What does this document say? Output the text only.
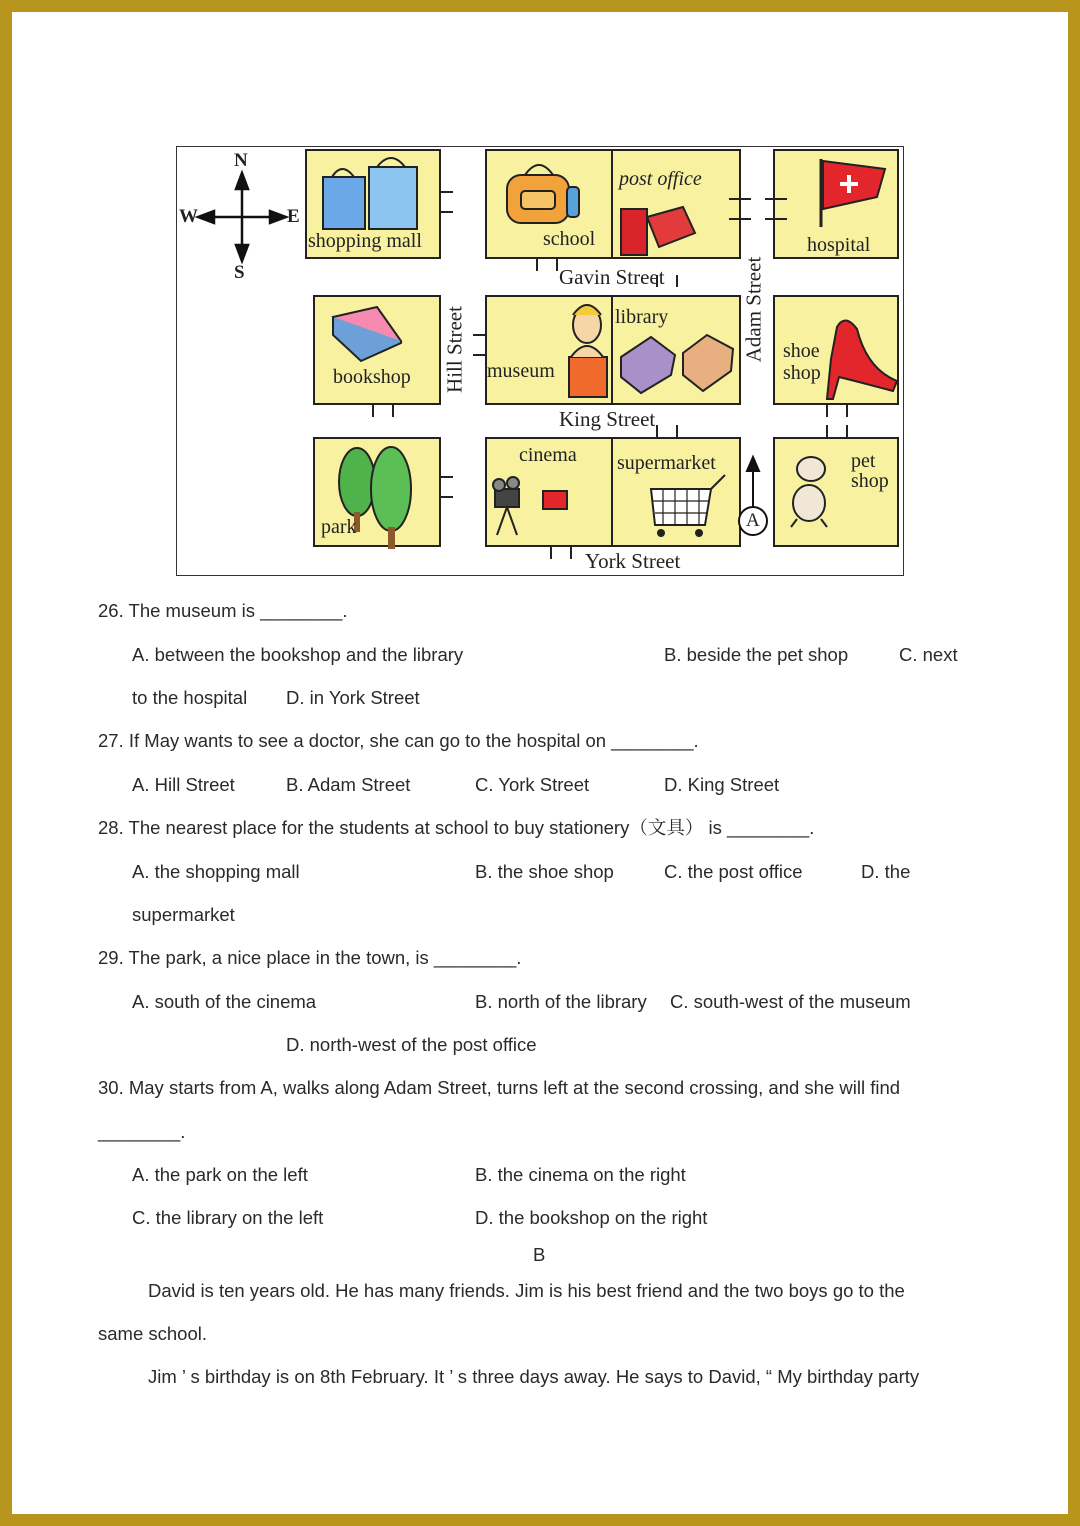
N
S
E
W
shopping mall	school
post office
hospital
bookshop	museum
library
shoe
shop
park
cinema supermarket	pet
shop
Gavin Street
King Street
York Street
Hill Street	Adam Street
A
26. The museum is ________.
A. between the bookshop and the library	B. beside the pet shop	C. next
to the hospital D. in York Street
27. If May wants to see a doctor, she can go to the hospital on ________.
A. Hill Street	B. Adam Street	C. York Street	D. King Street
28. The nearest place for the students at school to buy stationery（文具） is ________.
A. the shopping mall	B. the shoe shop	C. the post office	D. the
supermarket
29. The park, a nice place in the town, is ________.
A. south of the cinema	B. north of the library C. south-west of the museum
D. north-west of the post office
30. May starts from A, walks along Adam Street, turns left at the second crossing, and she will find
________.
A. the park on the left	B. the cinema on the right
C. the library on the left	D. the bookshop on the right
B
David is ten years old. He has many friends. Jim is his best friend and the two boys go to the
same school.
Jim ’ s birthday is on 8th February. It ’ s three days away. He says to David, “ My birthday party
